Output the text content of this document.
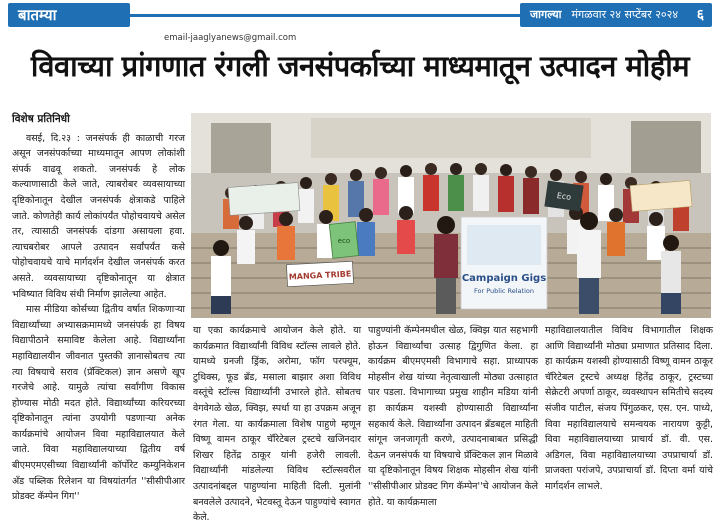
बातम्या	जागल्या मंगळवार २४ सप्टेंबर २०२४ ६
email-jaaglyanews@gmail.com
विवाच्या प्रांगणात रंगली जनसंपर्काच्या माध्यमातून उत्पादन मोहीम
विशेष प्रतिनिधी

वसई, दि.२३ : जनसंपर्क ही काळाची गरज असून जनसंपर्काच्या माध्यमातून आपण लोकांशी संपर्क वाढवू शकतो. जनसंपर्क हे लोक कल्याणासाठी केले जाते, त्याबरोबर व्यवसायाच्या दृष्टिकोनातून देखील जनसंपर्क क्षेत्राकडे पाहिले जाते. कोणतेही कार्य लोकांपर्यंत पोहोचवायचे असेल तर, त्यासाठी जनसंपर्क दांडगा असायला हवा. त्याचबरोबर आपले उत्पादन सर्वांपर्यंत कसे पोहोचवायचे याचे मार्गदर्शन देखील जनसंपर्क करत असते. व्यवसायाच्या दृष्टिकोनातून या क्षेत्रात भविष्यात विविध संधी निर्माण झालेल्या आहेत.

मास मीडिया कोर्सच्या द्वितीय वर्षात शिकणाऱ्या विद्यार्थ्यांच्या अभ्यासक्रमामध्ये जनसंपर्क हा विषय विद्यापीठाने समाविष्ट केलेला आहे. विद्यार्थ्यांना महाविद्यालयीन जीवनात पुस्तकी ज्ञानासोबतच त्या त्या विषयाचे सराव (प्रॅक्टिकल) ज्ञान असणे खूप गरजेचे आहे. यामुळे त्यांचा सर्वांगीण विकास होण्यास मोठी मदत होते. विद्यार्थ्यांच्या करियरच्या दृष्टिकोनातून त्यांना उपयोगी पडणाऱ्या अनेक कार्यक्रमांचे आयोजन विवा महाविद्यालयात केले जाते. विवा महाविद्यालयाच्या द्वितीय वर्ष बीएमएमएसीच्या विद्यार्थ्यांनी कॉर्पोरेट कम्युनिकेशन अँड पब्लिक रिलेशन या विषयांतर्गत ''सीसीपीआर प्रोडक्ट कॅम्पेन गिग''

eco
Campaign Gigs
For Public Relation
MANGA TRIBE
Eco

या एका कार्यक्रमाचे आयोजन केले होते. या कार्यक्रमात विद्यार्थ्यांनी विविध स्टॉल्स लावले होते. यामध्ये ग्रनजी ड्रिंक, अरोमा, फॉग परफ्यूम, टुथिक्स, फूड ब्रँड, मसाला बाझार अशा विविध वस्तूंचे स्टॉल्स विद्यार्थ्यांनी उभारले होते. सोबतच वेगवेगळे खेळ, क्विझ, स्पर्धा या हा उपक्रम अजून रंगत गेला. या कार्यक्रमाला विशेष पाहुणे म्हणून विष्णू वामन ठाकूर चॅरिटेबल ट्रस्टचे खजिनदार शिखर हितेंद्र ठाकूर यांनी हजेरी लावली. विद्यार्थ्यांनी मांडलेल्या विविध स्टॉल्सवरील उत्पादनांबद्दल पाहुण्यांना माहिती दिली. मुलांनी बनवलेले उत्पादने, भेटवस्तू देऊन पाहुण्यांचे स्वागत केले.

पाहुण्यांनी कॅम्पेनमधील खेळ, क्विझ यात सहभागी होऊन विद्यार्थ्यांचा उत्साह द्विगुणित केला. हा कार्यक्रम बीएमएमसी विभागाचे सहा. प्राध्यापक मोहसीन शेख यांच्या नेतृत्वाखाली मोठ्या उत्साहात पार पडला. विभागाच्या प्रमुख शाहीन मडिया यांनी हा कार्यक्रम यशस्वी होण्यासाठी विद्यार्थ्यांना सहकार्य केले. विद्यार्थ्यांना उत्पादन ब्रँडबद्दल माहिती सांगून जनजागृती करणे, उत्पादनाबाबत प्रसिद्धी देऊन जनसंपर्क या विषयाचे प्रॅक्टिकल ज्ञान मिळावे या दृष्टिकोनातून विषय शिक्षक मोहसीन शेख यांनी ''सीसीपीआर प्रोडक्ट गिग कॅम्पेन''चे आयोजन केले होते. या कार्यक्रमाला

महाविद्यालयातील विविध विभागातील शिक्षक आणि विद्यार्थ्यांनी मोठ्या प्रमाणात प्रतिसाद दिला. हा कार्यक्रम यशस्वी होण्यासाठी विष्णू वामन ठाकूर चॅरिटेबल ट्रस्टचे अध्यक्ष हितेंद्र ठाकूर, ट्रस्टच्या सेक्रेटरी अपर्णा ठाकूर, व्यवस्थापन समितीचे सदस्य संजीव पाटील, संजय पिंगुळकर, एस. एन. पाध्ये, विवा महाविद्यालयाचे समन्वयक नारायण कुट्टी, विवा महाविद्यालयाच्या प्राचार्य डॉ. वी. एस. अडिगल, विवा महाविद्यालयाच्या उपप्राचार्या डॉ. प्राजक्ता परांजपे, उपप्राचार्या डॉ. दिप्ता वर्मा यांचे मार्गदर्शन लाभले.
